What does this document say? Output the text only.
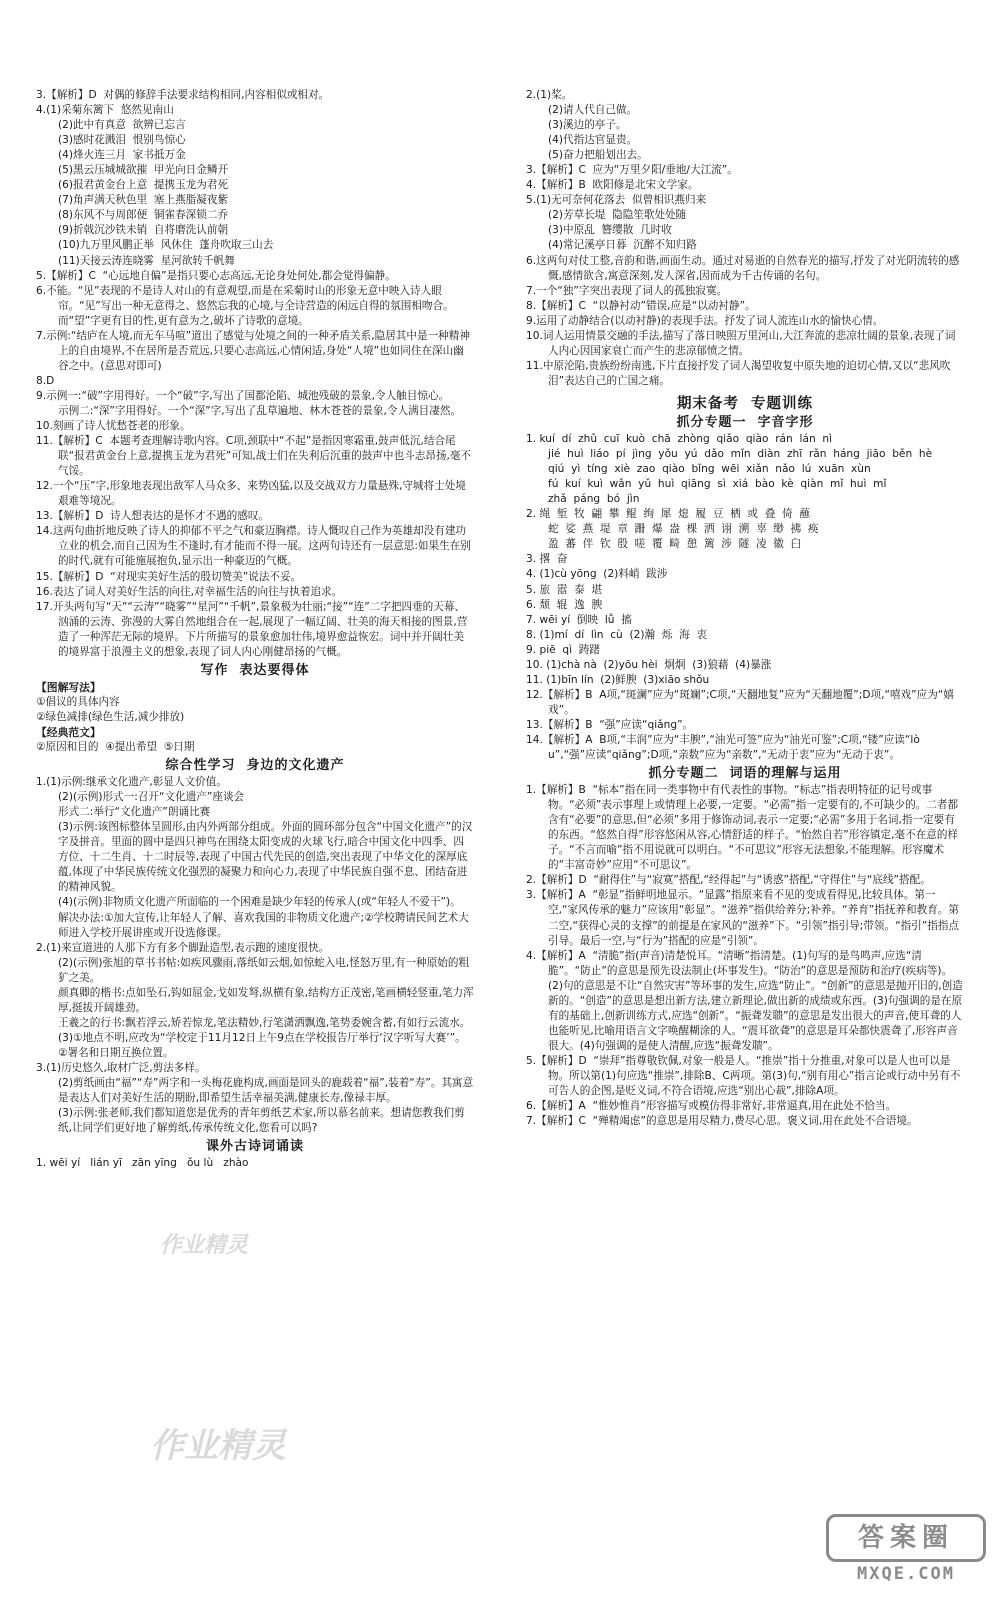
3.【解析】D  对偶的修辞手法要求结构相同,内容相似或相对。
4.(1)采菊东篱下  悠然见南山
(2)此中有真意  欲辨已忘言
(3)感时花溅泪  恨别鸟惊心
(4)烽火连三月  家书抵万金
(5)黑云压城城欲摧  甲光向日金鳞开
(6)报君黄金台上意  提携玉龙为君死
(7)角声满天秋色里  塞上燕脂凝夜紫
(8)东风不与周郎便  铜雀春深锁二乔
(9)折戟沉沙铁未销  自将磨洗认前朝
(10)九万里风鹏正举  风休住  蓬舟吹取三山去
(11)天接云涛连晓雾  星河欲转千帆舞
5.【解析】C  “心远地自偏”是指只要心志高远,无论身处何处,都会觉得偏静。
6.不能。“见”表现的不是诗人对山的有意观望,而是在采菊时山的形象无意中映入诗人眼帘。“见”写出一种无意得之、悠然忘我的心境,与全诗营造的闲远自得的氛围相吻合。而“望”字更有目的性,更有意为之,破坏了诗歌的意境。
7.示例:“结庐在人境,而无车马喧”道出了感觉与处境之间的一种矛盾关系,隐居其中是一种精神上的自由境界,不在居所是否荒远,只要心志高远,心情闲适,身处“人境”也如同住在深山幽谷之中。(意思对即可)
8.D
9.示例一:“破”字用得好。一个“破”字,写出了国都沦陷、城池残破的景象,令人触目惊心。
示例二:“深”字用得好。一个“深”字,写出了乱草遍地、林木苍苍的景象,令人满目凄然。
10.刻画了诗人忧愁苍老的形象。
11.【解析】C  本题考查理解诗歌内容。C项,颈联中“不起”是指因寒霜重,鼓声低沉,结合尾联“报君黄金台上意,提携玉龙为君死”可知,战士们在失利后沉重的鼓声中也斗志昂扬,毫不气馁。
12.一个“压”字,形象地表现出敌军人马众多、来势凶猛,以及交战双方力量悬殊,守城将士处境艰难等境况。
13.【解析】D  诗人想表达的是怀才不遇的感叹。
14.这两句曲折地反映了诗人的抑郁不平之气和豪迈胸襟。诗人慨叹自己作为英雄却没有建功立业的机会,而自己因为生不逢时,有才能而不得一展。这两句诗还有一层意思:如果生在别的时代,就有可能施展抱负,显示出一种豪迈的气概。
15.【解析】D  “对现实美好生活的殷切赞美”说法不妥。
16.表达了词人对美好生活的向往,对幸福生活的向往与执着追求。
17.开头两句写“天”“云涛”“晓雾”“星河”“千帆”,景象极为壮丽;“接”“连”二字把四垂的天幕、汹涌的云涛、弥漫的大雾自然地组合在一起,展现了一幅辽阔、壮美的海天相接的图景,营造了一种浑茫无际的境界。下片所描写的景象愈加壮伟,境界愈益恢宏。词中并开阔壮美的境界富于浪漫主义的想象,表现了词人内心刚健昂扬的气概。
写作  表达要得体
【图解写法】
①倡议的具体内容
②绿色减排(绿色生活,减少排放)
【经典范文】
②原因和目的  ④提出希望  ⑤日期
综合性学习  身边的文化遗产
1.(1)示例:继承文化遗产,彰显人文价值。
(2)(示例)形式一:召开“文化遗产”座谈会
形式二:举行“文化遗产”朗诵比赛
(3)示例:该图标整体呈圆形,由内外两部分组成。外面的圆环部分包含“中国文化遗产”的汉字及拼音。里面的圆中是四只神鸟在围绕太阳变成的火球飞行,暗合中国文化中四季、四方位、十二生肖、十二时辰等,表现了中国古代先民的创造,突出表现了中华文化的深厚底蕴,体现了中华民族传统文化强烈的凝聚力和向心力,表现了中华民族自强不息、团结奋进的精神风貌。
(4)(示例)非物质文化遗产所面临的一个困难是缺少年轻的传承人(或“年轻人不爱干”)。
解决办法:①加大宣传,让年轻人了解、喜欢我国的非物质文化遗产;②学校聘请民间艺术大师进入学校开展讲座或开设选修课。
2.(1)来宣道进的人那下方有多个脚趾造型,表示跑的速度很快。
(2)(示例)张旭的草书书帖:如疾风骤雨,落纸如云烟,如惊蛇入电,怪怒万里,有一种原始的粗犷之美。
颜真卿的楷书:点如坠石,钩如屈金,戈如发弩,纵横有象,结构方正茂密,笔画横轻竖重,笔力浑厚,挺拔开阔雄劲。
王羲之的行书:飘若浮云,矫若惊龙,笔法精妙,行笔潇洒飘逸,笔势委婉含蓄,有如行云流水。
(3)①地点不明,应改为“学校定于11月12日上午9点在学校报告厅举行‘汉字听写大赛’”。
②署名和日期互换位置。
3.(1)历史悠久,取材广泛,剪法多样。
(2)剪纸画由“福”“寿”两字和一头梅花鹿构成,画面是回头的鹿载着“福”,装着“寿”。其寓意是表达人们对美好生活的期盼,即希望生活幸福美满,健康长寿,像禄丰厚。
(3)示例:张老师,我们都知道您是优秀的青年剪纸艺术家,所以慕名前来。想请您教我们剪纸,让同学们更好地了解剪纸,传承传统文化,您看可以吗?
课外古诗词诵读
1. wēi yí   lián yī   zān yīng   ǒu lù   zhào
2.(1)桨。
(2)请人代自己做。
(3)溪边的亭子。
(4)代指达官显贵。
(5)奋力把船划出去。
3.【解析】C  应为“万里夕阳/垂地/大江流”。
4.【解析】B  欧阳修是北宋文学家。
5.(1)无可奈何花落去  似曾相识燕归来
(2)芳草长堤  隐隐笙歌处处随
(3)中原乱  簪缨散  几时收
(4)常记溪亭日暮  沉醉不知归路
6.这两句对仗工整,音韵和谐,画面生动。通过对易逝的自然春光的描写,抒发了对光阴流转的感慨,感情欲含,寓意深刻,发人深省,因而成为千古传诵的名句。
7.一个“独”字突出表现了词人的孤独寂寞。
8.【解析】C  “以静衬动”错误,应是“以动衬静”。
9.运用了动静结合(以动衬静)的表现手法。抒发了词人流连山水的愉快心情。
10.词人运用情景交融的手法,描写了落日映照万里河山,大江奔流的悲凉壮阔的景象,表现了词人内心因国家衰亡而产生的悲凉郁愤之情。
11.中原沦陷,贵族纷纷南逃,下片直接抒发了词人渴望收复中原失地的迫切心情,又以“悲风吹泪”表达自己的亡国之痛。
期末备考  专题训练
抓分专题一  字音字形
1. kuí  dí  zhǔ  cuī  kuò  chā  zhòng  qiǎo  qiào  rán  lán  nì
jié  huì  liáo  pí  jìng  yǒu  yú  dǎo  mǐn  diàn  zhī  rǎn  háng  jiāo  běn  hè
qiú  yì  tíng  xiè  zao  qiào  bǐng  wēi  xiǎn  nǎo  lú  xuān  xùn
fú  kuí  kuì  wǎn  yǔ  huì  qiāng  sì  xiá  bào  kè  qiàn  mǐ  huì  mǐ
zhǎ  páng  bó  jìn
2. 绳  堑  牧  翩  攀  鲲  绚  犀  熄  履  豆  栖  或  叠  倚  蘸
蛇  娑  燕  堤  章  跚  爆  盎  棵  洒  诩  溯  辜  缈  拂  痪
盈  蕃  伴  钦  殷  嗟  覆  畸  憩  篱  涉  隧  凌  徽  臼
3. 撂  奋
4. (1)cù yōng  (2)料峭  跋涉
5. 旅  嚣  泰  堪
6. 颓  辊  逸  腴
7. wēi yí  倒映  lǚ  搐
8. (1)mí  dí  lìn  cù  (2)瀚  烁  海  衷
9. piē  qì  踌躇
10. (1)chà nà  (2)yōu hèi  炯炯  (3)狼藉  (4)暴涨
11. (1)bīn lín  (2)鲜腴  (3)xiāo shǒu
12.【解析】B  A项,“斑澜”应为“斑斓”;C项,“天翻地复”应为“天翻地覆”;D项,“嘻戏”应为“嬉戏”。
13.【解析】B  “强”应读“qiǎng”。
14.【解析】A  B项,“丰润”应为“丰腴”,“油光可签”应为“油光可鉴”;C项,“镂”应读“lòu”,“强”应读“qiǎng”;D项,“亲数”应为“亲数”,“无动于衷”应为“无动于衷”。
抓分专题二  词语的理解与运用
1.【解析】B  “标本”指在同一类事物中有代表性的事物。“标志”指表明特征的记号或事物。“必须”表示事理上或情理上必要,一定要。“必需”指一定要有的,不可缺少的。二者都含有“必要”的意思,但“必须”多用于修饰动词,表示一定要;“必需”多用于名词,指一定要有的东西。“悠然自得”形容悠闲从容,心情舒适的样子。“怡然自若”形容镇定,毫不在意的样子。“不言而喻”指不用说就可以明白。“不可思议”形容无法想象,不能理解。形容魔术的“丰富奇妙”应用“不可思议”。
2.【解析】D  “耐得住”与“寂寞”搭配,“经得起”与“诱惑”搭配,“守得住”与“底线”搭配。
3.【解析】A  “彰显”指鲜明地显示。“显露”指原来看不见的变成看得见,比较具体。第一空,“家风传承的魅力”应该用“彰显”。“滋养”指供给养分;补养。“养育”指抚养和教育。第二空,“获得心灵的支撑”的前提是在家风的“滋养”下。“引领”指引导;带领。“指引”指指点引导。最后一空,与“行为”搭配的应是“引领”。
4.【解析】A  “清脆”指(声音)清楚悦耳。“清晰”指清楚。(1)句写的是鸟鸣声,应选“清脆”。“防止”的意思是预先设法制止(坏事发生)。“防治”的意思是预防和治疗(疾病等)。(2)句的意思是不让“自然灾害”等坏事的发生,应选“防止”。“创新”的意思是抛开旧的,创造新的。“创造”的意思是想出新方法,建立新理论,做出新的成绩或东西。(3)句强调的是在原有的基础上,创新训练方式,应选“创新”。“振聋发聩”的意思是发出很大的声音,使耳聋的人也能听见,比喻用语言文字唤醒糊涂的人。“震耳欲聋”的意思是耳朵都快震聋了,形容声音很大。(4)句强调的是使人清醒,应选“振聋发聩”。
5.【解析】D  “崇拜”指尊敬钦佩,对象一般是人。“推崇”指十分推重,对象可以是人也可以是物。所以第(1)句应选“推崇”,排除B、C两项。第(3)句,“别有用心”指言论或行动中另有不可告人的企图,是贬义词,不符合语境,应选“别出心裁”,排除A项。
6.【解析】A  “惟妙惟肖”形容描写或模仿得非常好,非常逼真,用在此处不恰当。
7.【解析】C  “殚精竭虑”的意思是用尽精力,费尽心思。褒义词,用在此处不合语境。
作业精灵
作业精灵
答案圈
MXQE.COM
